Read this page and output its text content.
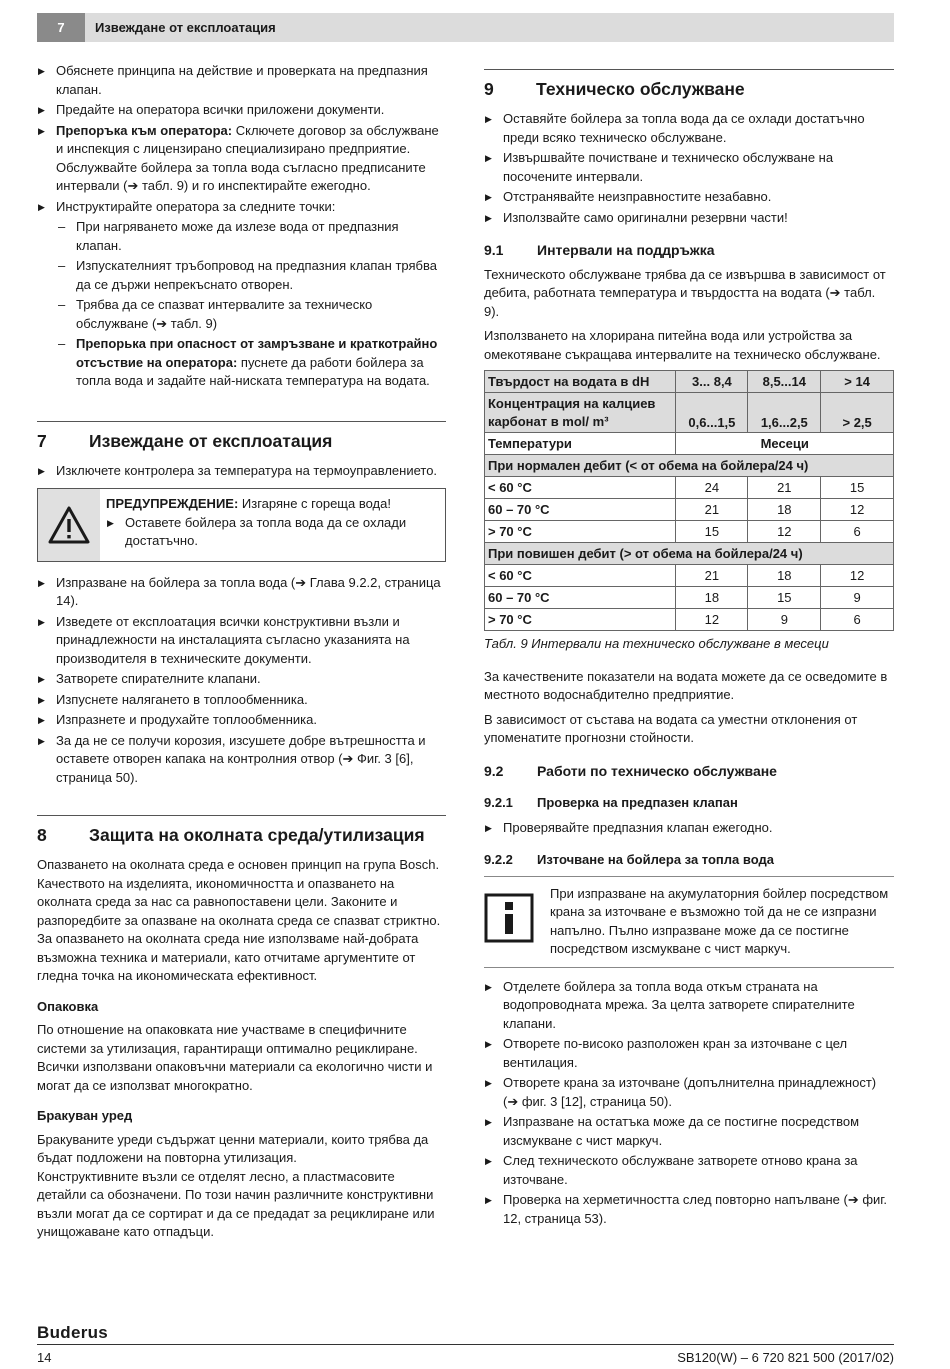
7	Извеждане от експлоатация
▶ Обяснете принципа на действие и проверката на предпазния клапан.
▶ Предайте на оператора всички приложени документи.
▶ Препоръка към оператора: Сключете договор за обслужване и инспекция с лицензирано специализирано предприятие. Обслужвайте бойлера за топла вода съгласно предписаните интервали (➔ табл. 9) и го инспектирайте ежегодно.
▶ Инструктирайте оператора за следните точки:
– При нагряването може да излезе вода от предпазния клапан.
– Изпускателният тръбопровод на предпазния клапан трябва да се държи непрекъснато отворен.
– Трябва да се спазват интервалите за техническо обслужване (➔ табл. 9)
– Препорька при опасност от замръзване и краткотрайно отсъствие на оператора: пуснете да работи бойлера за топла вода и задайте най-ниската температура на водата.
7 Извеждане от експлоатация
▶ Изключете контролера за температура на термоуправлението.
ПРЕДУПРЕЖДЕНИЕ: Изгаряне с гореща вода!
▶ Оставете бойлера за топла вода да се охлади достатъчно.
▶ Изпразване на бойлера за топла вода (➔ Глава 9.2.2, страница 14).
▶ Изведете от експлоатация всички конструктивни възли и принадлежности на инсталацията съгласно указанията на производителя в техническите документи.
▶ Затворете спирателните клапани.
▶ Изпуснете налягането в топлообменника.
▶ Изпразнете и продухайте топлообменника.
▶ За да не се получи корозия, изсушете добре вътрешността и оставете отворен капака на контролния отвор (➔ Фиг. 3 [6], страница 50).
8 Защита на околната среда/утилизация

Опазването на околната среда е основен принцип на група Bosch. Качеството на изделията, икономичността и опазването на околната среда за нас са равнопоставени цели. Законите и разпоредбите за опазване на околната среда се спазват стриктно.

За опазването на околната среда ние използваме най-добрата възможна техника и материали, като отчитаме аргументите от гледна точка на икономическата ефективност.

Опаковка

По отношение на опаковката ние участваме в специфичните системи за утилизация, гарантиращи оптимално рециклиране. Всички използвани опаковъчни материали са екологично чисти и могат да се използват многократно.

Бракуван уред

Бракуваните уреди съдържат ценни материали, които трябва да бъдат подложени на повторна утилизация.

Конструктивните възли се отделят лесно, а пластмасовите детайли са обозначени. По този начин различните конструктивни възли могат да се сортират и да се предадат за рециклиране или унищожаване като отпадъци.

9 Техническо обслужване
▶ Оставяйте бойлера за топла вода да се охлади достатъчно преди всяко техническо обслужване.
▶ Извършвайте почистване и техническо обслужване на посочените интервали.
▶ Отстранявайте неизправностите незабавно.
▶ Използвайте само оригинални резервни части!
9.1 Интервали на поддръжка

Техническото обслужване трябва да се извършва в зависимост от дебита, работната температура и твърдостта на водата (➔ табл. 9).

Използването на хлорирана питейна вода или устройства за омекотяване съкращава интервалите на техническо обслужване.

Твърдост на водата в dH	3... 8,4	8,5...14	> 14
Концентрация на калциев карбонат в mol/ m³	0,6...1,5	1,6...2,5	> 2,5
Температури	Месеци		
При нормален дебит (< от обема на бойлера/24 ч)			
< 60 °C	24	21	15
60 – 70 °C	21	18	12
> 70 °C	15	12	6
При повишен дебит (> от обема на бойлера/24 ч)			
< 60 °C	21	18	12
60 – 70 °C	18	15	9
> 70 °C	12	9	6
Табл. 9 Интервали на техническо обслужване в месеци

За качествените показатели на водата можете да се осведомите в местното водоснабдително предприятие.

В зависимост от състава на водата са уместни отклонения от упоменатите прогнозни стойности.

9.2 Работи по техническо обслужване
9.2.1 Проверка на предпазен клапан
▶ Проверявайте предпазния клапан ежегодно.
9.2.2 Източване на бойлера за топла вода
При изпразване на акумулаторния бойлер посредством крана за източване е възможно той да не се изпразни напълно. Пълно изпразване може да се постигне посредством изсмукване с чист маркуч.
▶ Отделете бойлера за топла вода откъм страната на водопроводната мрежа. За целта затворете спирателните клапани.
▶ Отворете по-високо разположен кран за източване с цел вентилация.
▶ Отворете крана за източване (допълнителна принадлежност) (➔ фиг. 3 [12], страница 50).
▶ Изпразване на остатъка може да се постигне посредством изсмукване с чист маркуч.
▶ След техническото обслужване затворете отново крана за източване.
▶ Проверка на херметичността след повторно напълване (➔ фиг. 12, страница 53).
Buderus
14	SB120(W) – 6 720 821 500 (2017/02)
